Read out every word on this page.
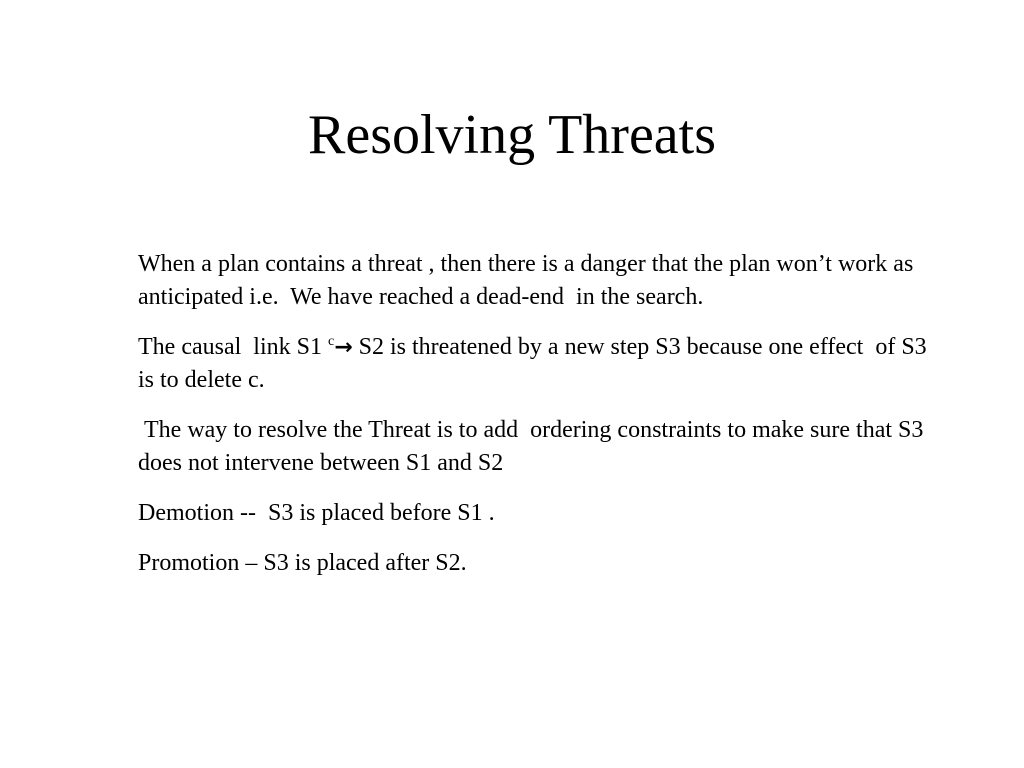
Resolving Threats

When a plan contains a threat , then there is a danger that the plan won’t work as anticipated i.e.  We have reached a dead-end  in the search.

The causal  link S1 $^c$→ S2 is threatened by a new step S3 because one effect  of S3 is to delete c.

The way to resolve the Threat is to add  ordering constraints to make sure that S3 does not intervene between S1 and S2

Demotion --  S3 is placed before S1 .

Promotion – S3 is placed after S2.
